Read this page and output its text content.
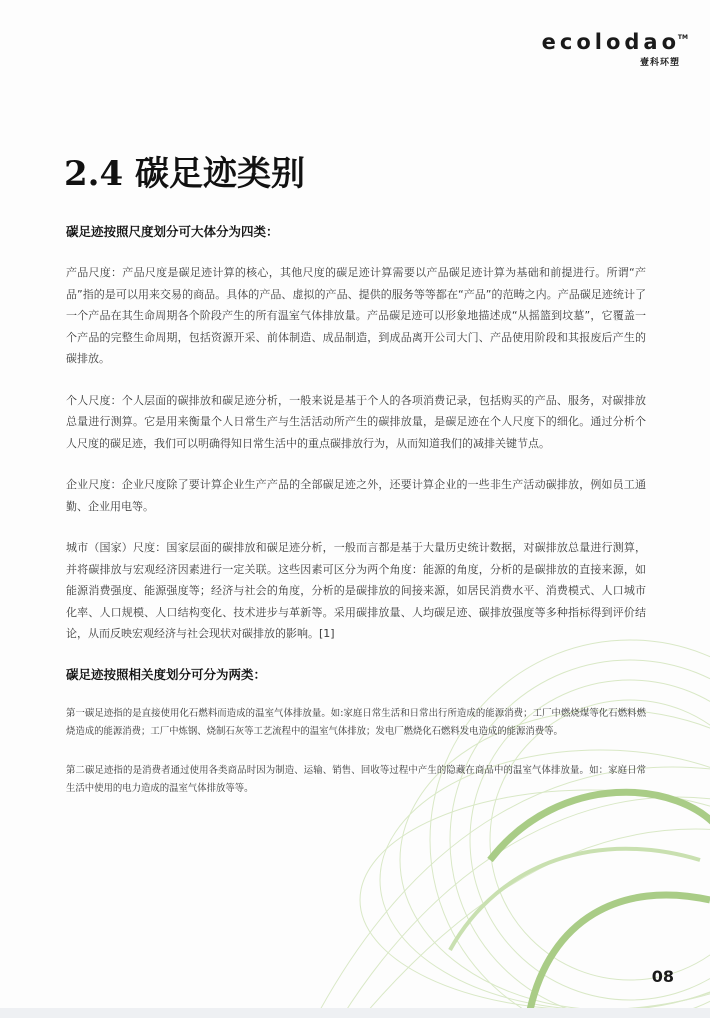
ecolodao
TM
壹科环塑
2.4 碳足迹类别

碳足迹按照尺度划分可大体分为四类：

产品尺度：产品尺度是碳足迹计算的核心，其他尺度的碳足迹计算需要以产品碳足迹计算为基础和前提进行。所谓“产品”指的是可以用来交易的商品。具体的产品、虚拟的产品、提供的服务等等都在“产品”的范畴之内。产品碳足迹统计了一个产品在其生命周期各个阶段产生的所有温室气体排放量。产品碳足迹可以形象地描述成“从摇篮到坟墓”，它覆盖一个产品的完整生命周期，包括资源开采、前体制造、成品制造，到成品离开公司大门、产品使用阶段和其报废后产生的碳排放。

个人尺度：个人层面的碳排放和碳足迹分析，一般来说是基于个人的各项消费记录，包括购买的产品、服务，对碳排放总量进行测算。它是用来衡量个人日常生产与生活活动所产生的碳排放量，是碳足迹在个人尺度下的细化。通过分析个人尺度的碳足迹，我们可以明确得知日常生活中的重点碳排放行为，从而知道我们的减排关键节点。

企业尺度：企业尺度除了要计算企业生产产品的全部碳足迹之外，还要计算企业的一些非生产活动碳排放，例如员工通勤、企业用电等。

城市（国家）尺度：国家层面的碳排放和碳足迹分析，一般而言都是基于大量历史统计数据，对碳排放总量进行测算，并将碳排放与宏观经济因素进行一定关联。这些因素可区分为两个角度：能源的角度，分析的是碳排放的直接来源，如能源消费强度、能源强度等；经济与社会的角度，分析的是碳排放的间接来源，如居民消费水平、消费模式、人口城市化率、人口规模、人口结构变化、技术进步与革新等。采用碳排放量、人均碳足迹、碳排放强度等多种指标得到评价结论，从而反映宏观经济与社会现状对碳排放的影响。[1]

碳足迹按照相关度划分可分为两类：

第一碳足迹指的是直接使用化石燃料而造成的温室气体排放量。如:家庭日常生活和日常出行所造成的能源消费；工厂中燃烧煤等化石燃料燃烧造成的能源消费；工厂中炼钢、烧制石灰等工艺流程中的温室气体排放；发电厂燃烧化石燃料发电造成的能源消费等。

第二碳足迹指的是消费者通过使用各类商品时因为制造、运输、销售、回收等过程中产生的隐藏在商品中的温室气体排放量。如：家庭日常生活中使用的电力造成的温室气体排放等等。

08
